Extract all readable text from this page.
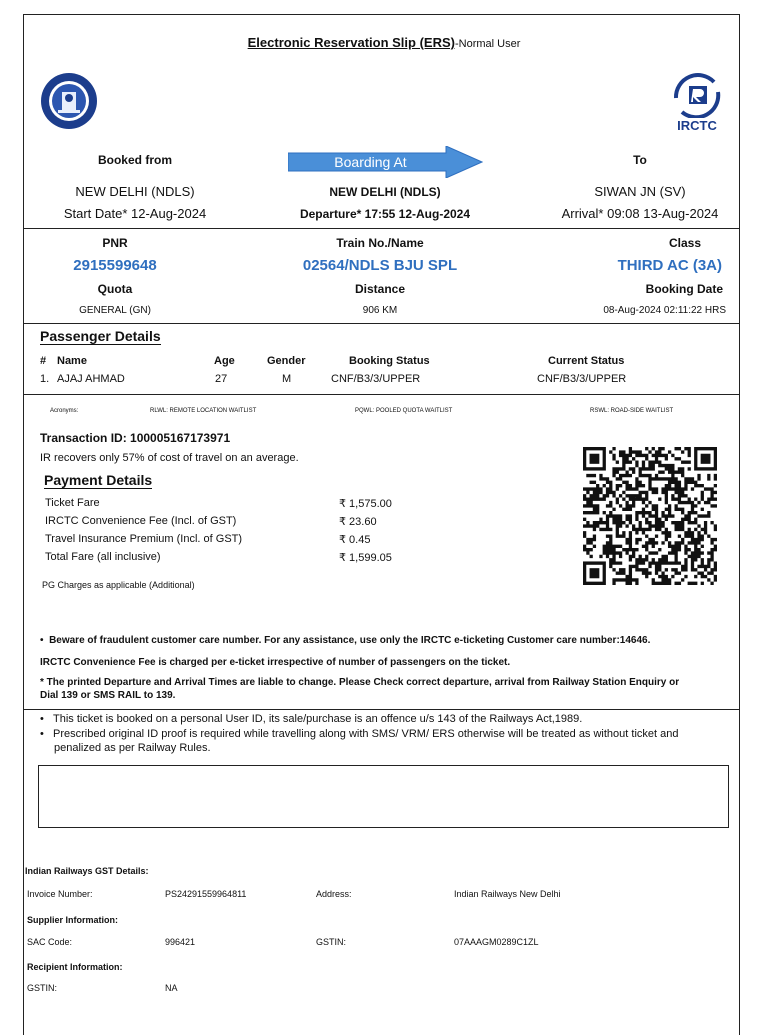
Electronic Reservation Slip (ERS)-Normal User
IRCTC
Booked from	Boarding At	To
NEW DELHI (NDLS)	NEW DELHI (NDLS)	SIWAN JN (SV)
Start Date* 12-Aug-2024	Departure* 17:55 12-Aug-2024	Arrival* 09:08 13-Aug-2024
PNR	Train No./Name	Class
2915599648	02564/NDLS BJU SPL	THIRD AC (3A)
Quota	Distance	Booking Date
GENERAL (GN)	906 KM	08-Aug-2024 02:11:22 HRS
Passenger Details
# Name	Age	Gender	Booking Status	Current Status
1. AJAJ AHMAD	27	M	CNF/B3/3/UPPER	CNF/B3/3/UPPER
Acronyms:	RLWL: REMOTE LOCATION WAITLIST	PQWL: POOLED QUOTA WAITLIST	RSWL: ROAD-SIDE WAITLIST
Transaction ID: 100005167173971
IR recovers only 57% of cost of travel on an average.
Payment Details
Ticket Fare	₹ 1,575.00
IRCTC Convenience Fee (Incl. of GST)	₹ 23.60
Travel Insurance Premium (Incl. of GST)	₹ 0.45
Total Fare (all inclusive)	₹ 1,599.05
PG Charges as applicable (Additional)
•  Beware of fraudulent customer care number. For any assistance, use only the IRCTC e-ticketing Customer care number:14646.
IRCTC Convenience Fee is charged per e-ticket irrespective of number of passengers on the ticket.
* The printed Departure and Arrival Times are liable to change. Please Check correct departure, arrival from Railway Station Enquiry or
Dial 139 or SMS RAIL to 139.
•   This ticket is booked on a personal User ID, its sale/purchase is an offence u/s 143 of the Railways Act,1989.
•   Prescribed original ID proof is required while travelling along with SMS/ VRM/ ERS otherwise will be treated as without ticket and
penalized as per Railway Rules.
Indian Railways GST Details:
Invoice Number:	PS24291559964811	Address:	Indian Railways New Delhi
Supplier Information:
SAC Code:	996421	GSTIN:	07AAAGM0289C1ZL
Recipient Information:
GSTIN:	NA
